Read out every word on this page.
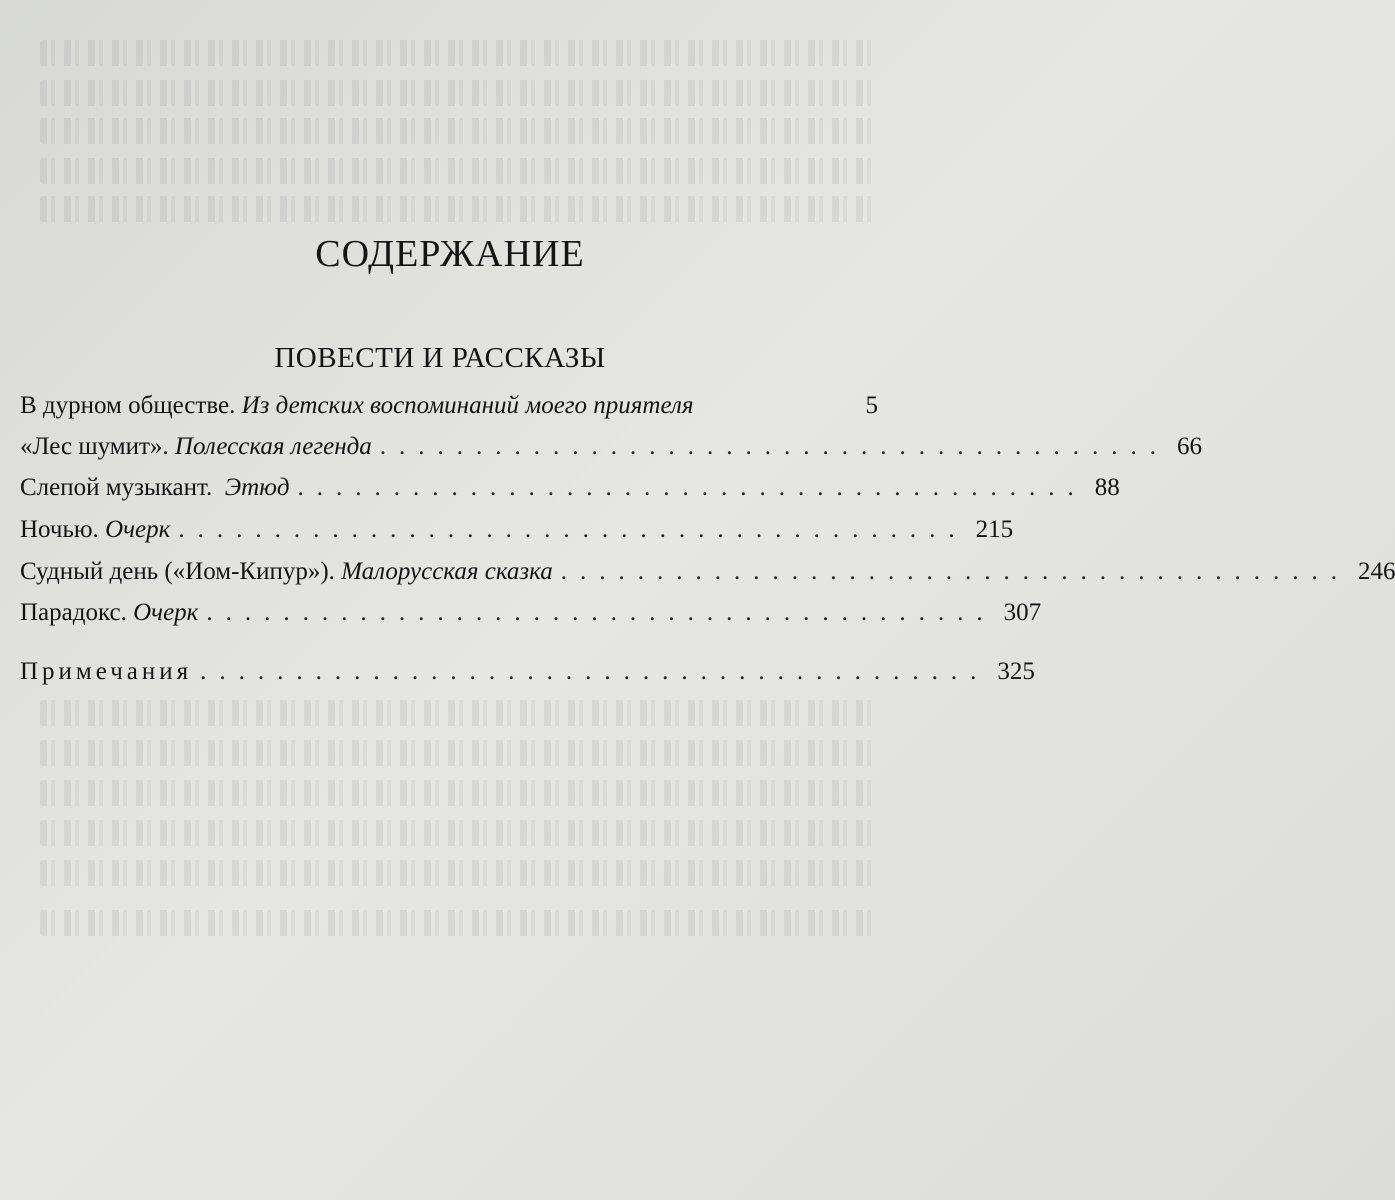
СОДЕРЖАНИЕ
ПОВЕСТИ И РАССКАЗЫ
В дурном обществе. Из детских воспоминаний моего приятеля	5
«Лес шумит». Полесская легенда ......................................... 66
Слепой музыкант. Этюд ......................................... 88
Ночью. Очерк ......................................... 215
Судный день («Иом-Кипур»). Малорусская сказка ......................................... 246
Парадокс. Очерк ......................................... 307
Примечания ......................................... 325
